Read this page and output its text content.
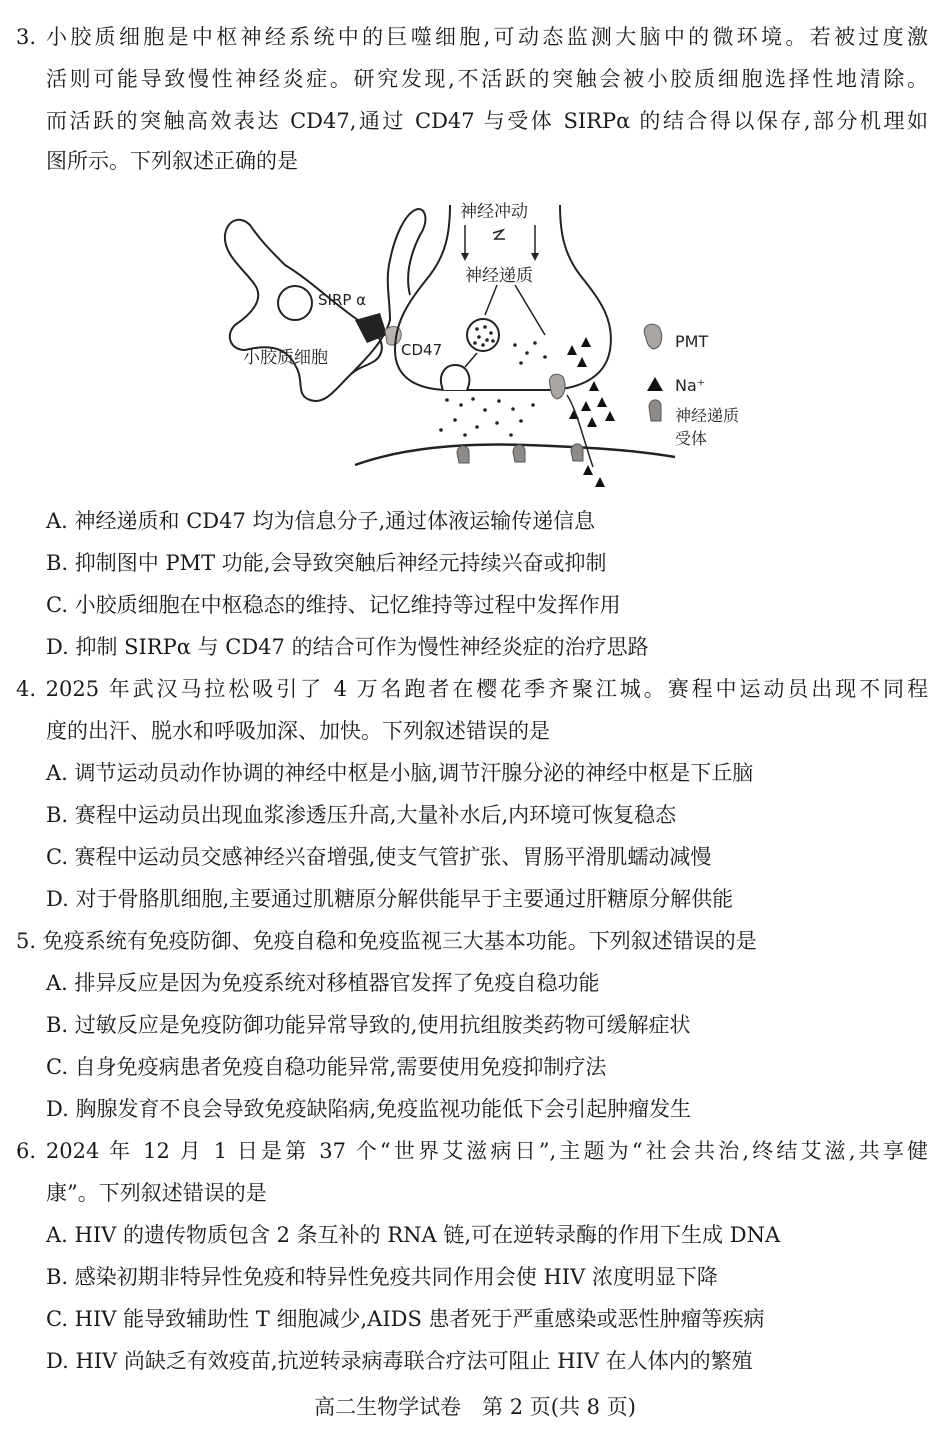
3. 小胶质细胞是中枢神经系统中的巨噬细胞,可动态监测大脑中的微环境。若被过度激
活则可能导致慢性神经炎症。研究发现,不活跃的突触会被小胶质细胞选择性地清除。
而活跃的突触高效表达 CD47,通过 CD47 与受体 SIRPα 的结合得以保存,部分机理如
图所示。下列叙述正确的是
神经冲动
神经递质
SIRP α
CD47
小胶质细胞
PMT
Na⁺
神经递质
受体
A. 神经递质和 CD47 均为信息分子,通过体液运输传递信息
B. 抑制图中 PMT 功能,会导致突触后神经元持续兴奋或抑制
C. 小胶质细胞在中枢稳态的维持、记忆维持等过程中发挥作用
D. 抑制 SIRPα 与 CD47 的结合可作为慢性神经炎症的治疗思路
4. 2025 年武汉马拉松吸引了 4 万名跑者在樱花季齐聚江城。赛程中运动员出现不同程
度的出汗、脱水和呼吸加深、加快。下列叙述错误的是
A. 调节运动员动作协调的神经中枢是小脑,调节汗腺分泌的神经中枢是下丘脑
B. 赛程中运动员出现血浆渗透压升高,大量补水后,内环境可恢复稳态
C. 赛程中运动员交感神经兴奋增强,使支气管扩张、胃肠平滑肌蠕动减慢
D. 对于骨胳肌细胞,主要通过肌糖原分解供能早于主要通过肝糖原分解供能
5. 免疫系统有免疫防御、免疫自稳和免疫监视三大基本功能。下列叙述错误的是
A. 排异反应是因为免疫系统对移植器官发挥了免疫自稳功能
B. 过敏反应是免疫防御功能异常导致的,使用抗组胺类药物可缓解症状
C. 自身免疫病患者免疫自稳功能异常,需要使用免疫抑制疗法
D. 胸腺发育不良会导致免疫缺陷病,免疫监视功能低下会引起肿瘤发生
6. 2024 年 12 月 1 日是第 37 个“世界艾滋病日”,主题为“社会共治,终结艾滋,共享健
康”。下列叙述错误的是
A. HIV 的遗传物质包含 2 条互补的 RNA 链,可在逆转录酶的作用下生成 DNA
B. 感染初期非特异性免疫和特异性免疫共同作用会使 HIV 浓度明显下降
C. HIV 能导致辅助性 T 细胞减少,AIDS 患者死于严重感染或恶性肿瘤等疾病
D. HIV 尚缺乏有效疫苗,抗逆转录病毒联合疗法可阻止 HIV 在人体内的繁殖
高二生物学试卷　第 2 页(共 8 页)
